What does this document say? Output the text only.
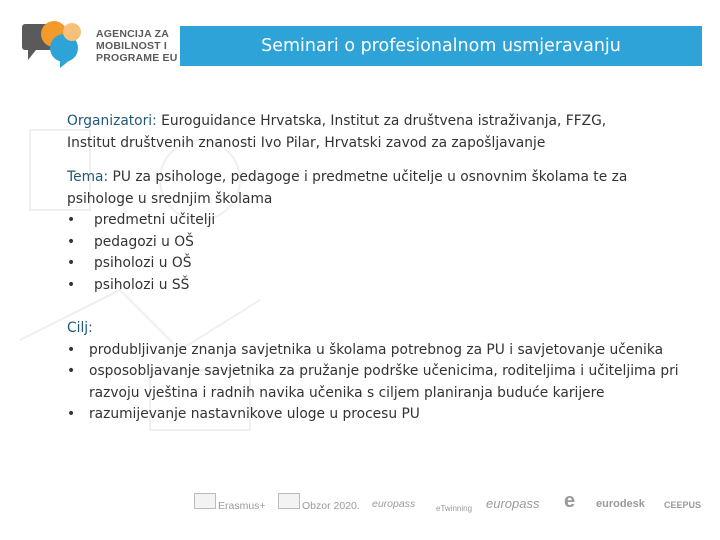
AGENCIJA ZA
MOBILNOST I
PROGRAME EU
Seminari o profesionalnom usmjeravanju
Organizatori: Euroguidance Hrvatska, Institut za društvena istraživanja, FFZG,
Institut društvenih znanosti Ivo Pilar, Hrvatski zavod za zapošljavanje
Tema: PU za psihologe, pedagoge i predmetne učitelje u osnovnim školama te za
psihologe u srednjim školama
• predmetni učitelji
• pedagozi u OŠ
• psiholozi u OŠ
• psiholozi u SŠ
Cilj:
• produbljivanje znanja savjetnika u školama potrebnog za PU i savjetovanje učenika
• osposobljavanje savjetnika za pružanje podrške učenicima, roditeljima i učiteljima pri razvoju vještina i radnih navika učenika s ciljem planiranja buduće karijere
• razumijevanje nastavnikove uloge u procesu PU
Erasmus+	Obzor 2020. europass	eTwinning europass e eurodesk CEEPUS
